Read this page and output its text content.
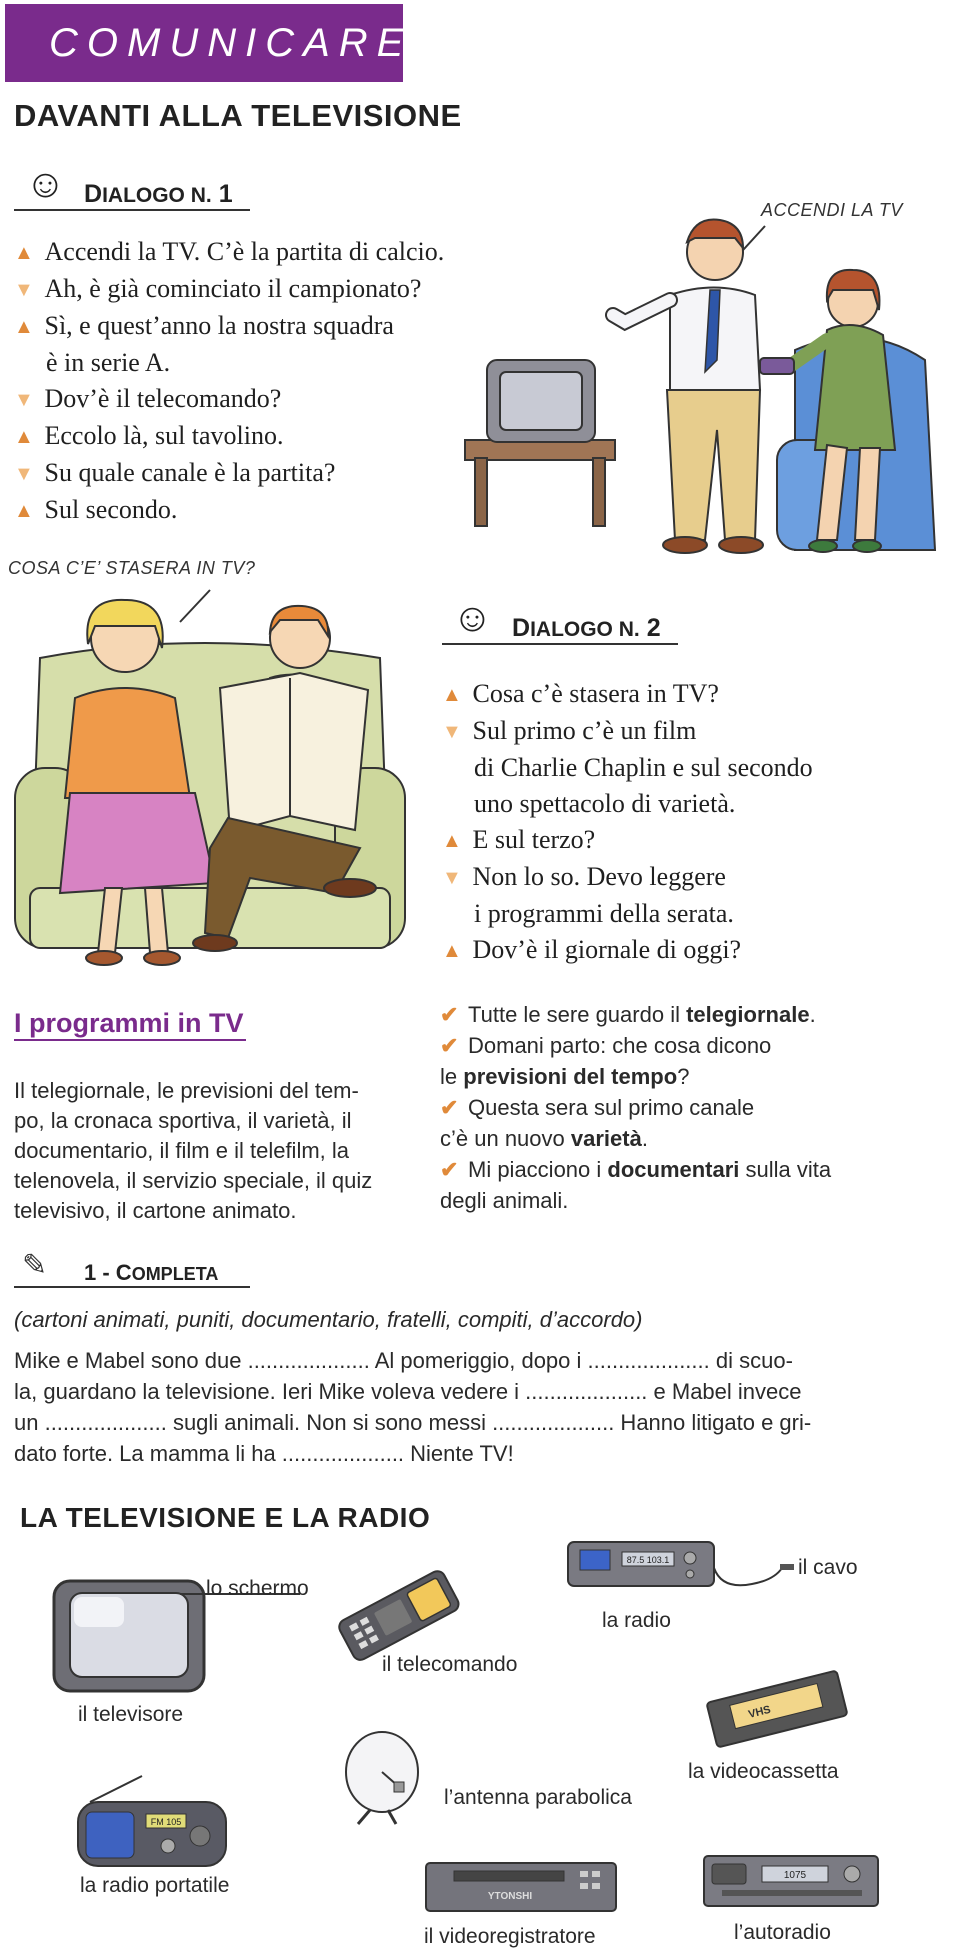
COMUNICARE
DAVANTI ALLA TELEVISIONE
☺ DIALOGO N. 1
▲ Accendi la TV. C’è la partita di calcio.
▼ Ah, è già cominciato il campionato?
▲ Sì, e quest’anno la nostra squadra
è in serie A.
▼ Dov’è il telecomando?
▲ Eccolo là, sul tavolino.
▼ Su quale canale è la partita?
▲ Sul secondo.
ACCENDI LA TV
COSA C’E’ STASERA IN TV?
☺ DIALOGO N. 2
▲ Cosa c’è stasera in TV?
▼ Sul primo c’è un film
di Charlie Chaplin e sul secondo
uno spettacolo di varietà.
▲ E sul terzo?
▼ Non lo so. Devo leggere
i programmi della serata.
▲ Dov’è il giornale di oggi?
I programmi in TV
Il telegiornale, le previsioni del tem-
po, la cronaca sportiva, il varietà, il
documentario, il film e il telefilm, la
telenovela, il servizio speciale, il quiz
televisivo, il cartone animato.
✔ Tutte le sere guardo il telegiornale.
✔ Domani parto: che cosa dicono
le previsioni del tempo?
✔ Questa sera sul primo canale
c’è un nuovo varietà.
✔ Mi piacciono i documentari sulla vita
degli animali.
✎	1 - COMPLETA
(cartoni animati, puniti, documentario, fratelli, compiti, d’accordo)
Mike e Mabel sono due .................... Al pomeriggio, dopo i .................... di scuo-
la, guardano la televisione. Ieri Mike voleva vedere i .................... e Mabel invece
un .................... sugli animali. Non si sono messi .................... Hanno litigato e gri-
dato forte. La mamma li ha .................... Niente TV!
LA TELEVISIONE E LA RADIO
lo schermo
il televisore
il telecomando
87.5 103.1
la radio
il cavo
VHS
la videocassetta
l’antenna parabolica
FM 105
la radio portatile	YTONSHI
il videoregistratore
1075
l’autoradio
